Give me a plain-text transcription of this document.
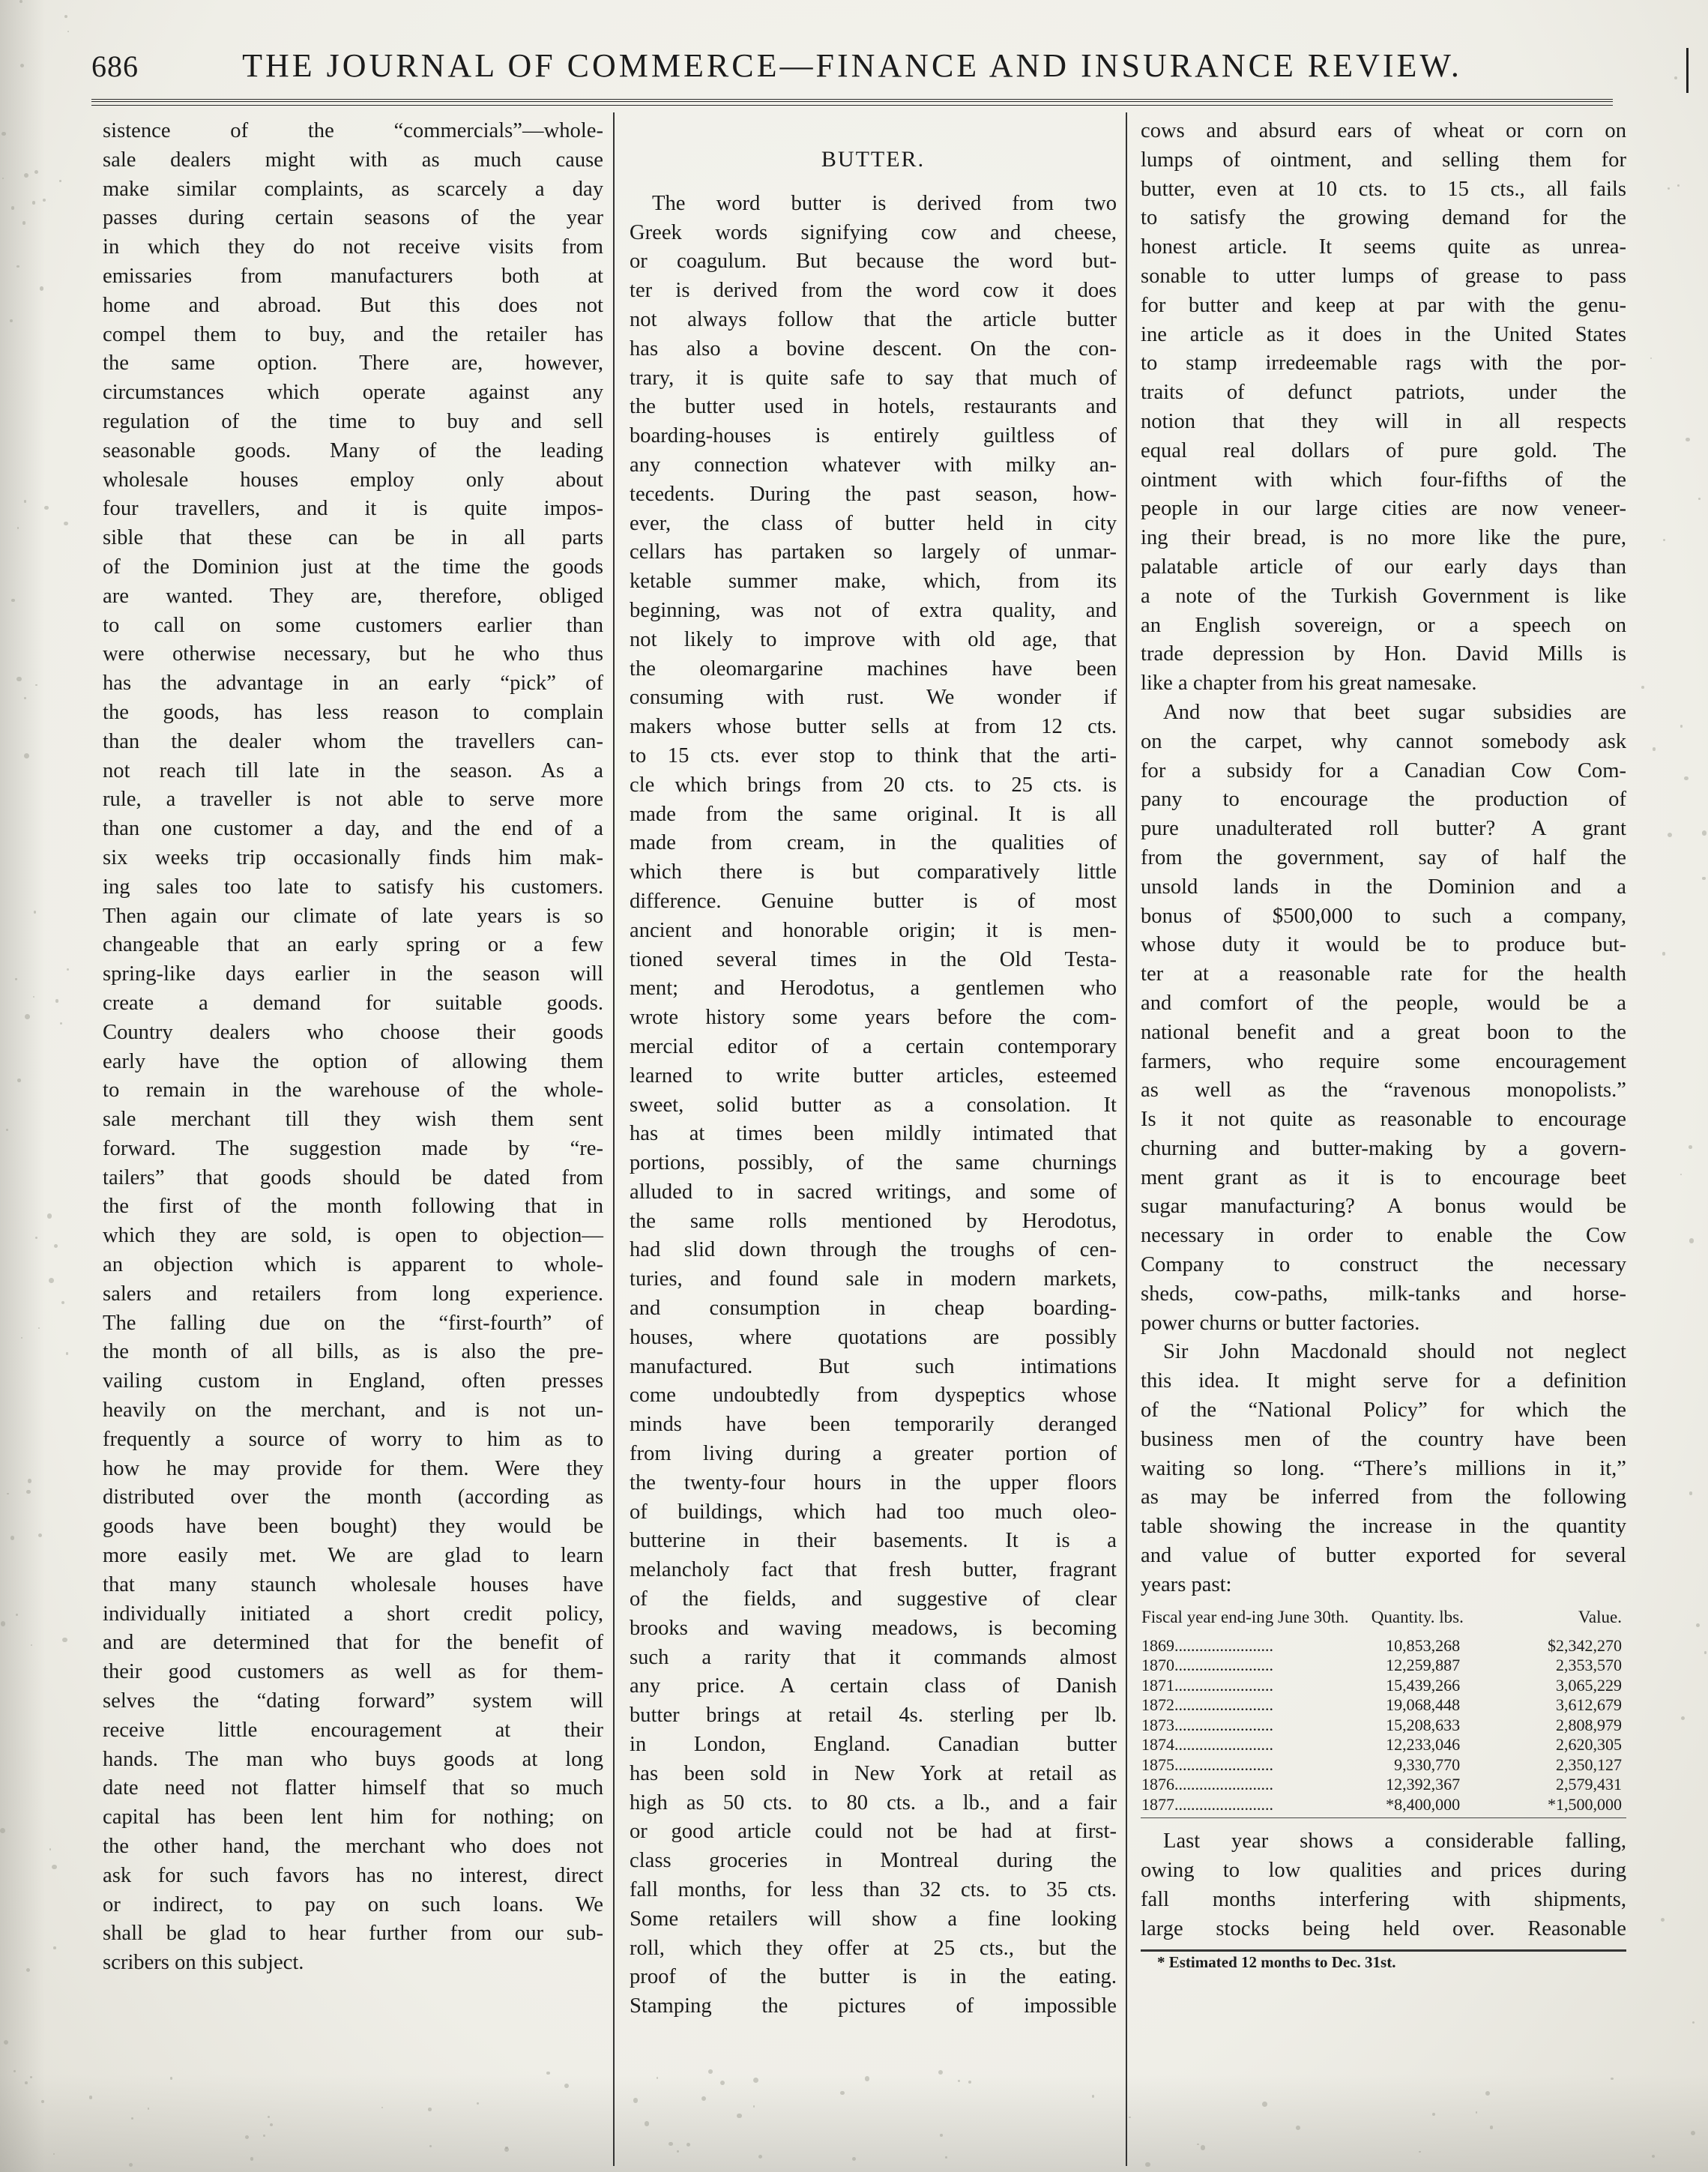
686	THE JOURNAL OF COMMERCE—FINANCE AND INSURANCE REVIEW.
sistence of the “commercials”—whole-
sale dealers might with as much cause
make similar complaints, as scarcely a day
passes during certain seasons of the year
in which they do not receive visits from
emissaries from manufacturers both at
home and abroad. But this does not
compel them to buy, and the retailer has
the same option. There are, however,
circumstances which operate against any
regulation of the time to buy and sell
seasonable goods. Many of the leading
wholesale houses employ only about
four travellers, and it is quite impos-
sible that these can be in all parts
of the Dominion just at the time the goods
are wanted. They are, therefore, obliged
to call on some customers earlier than
were otherwise necessary, but he who thus
has the advantage in an early “pick” of
the goods, has less reason to complain
than the dealer whom the travellers can-
not reach till late in the season. As a
rule, a traveller is not able to serve more
than one customer a day, and the end of a
six weeks trip occasionally finds him mak-
ing sales too late to satisfy his customers.
Then again our climate of late years is so
changeable that an early spring or a few
spring-like days earlier in the season will
create a demand for suitable goods.
Country dealers who choose their goods
early have the option of allowing them
to remain in the warehouse of the whole-
sale merchant till they wish them sent
forward. The suggestion made by “re-
tailers” that goods should be dated from
the first of the month following that in
which they are sold, is open to objection—
an objection which is apparent to whole-
salers and retailers from long experience.
The falling due on the “first-fourth” of
the month of all bills, as is also the pre-
vailing custom in England, often presses
heavily on the merchant, and is not un-
frequently a source of worry to him as to
how he may provide for them. Were they
distributed over the month (according as
goods have been bought) they would be
more easily met. We are glad to learn
that many staunch wholesale houses have
individually initiated a short credit policy,
and are determined that for the benefit of
their good customers as well as for them-
selves the “dating forward” system will
receive little encouragement at their
hands. The man who buys goods at long
date need not flatter himself that so much
capital has been lent him for nothing; on
the other hand, the merchant who does not
ask for such favors has no interest, direct
or indirect, to pay on such loans. We
shall be glad to hear further from our sub-
scribers on this subject.
BUTTER.
The word butter is derived from two
Greek words signifying cow and cheese,
or coagulum. But because the word but-
ter is derived from the word cow it does
not always follow that the article butter
has also a bovine descent. On the con-
trary, it is quite safe to say that much of
the butter used in hotels, restaurants and
boarding-houses is entirely guiltless of
any connection whatever with milky an-
tecedents. During the past season, how-
ever, the class of butter held in city
cellars has partaken so largely of unmar-
ketable summer make, which, from its
beginning, was not of extra quality, and
not likely to improve with old age, that
the oleomargarine machines have been
consuming with rust. We wonder if
makers whose butter sells at from 12 cts.
to 15 cts. ever stop to think that the arti-
cle which brings from 20 cts. to 25 cts. is
made from the same original. It is all
made from cream, in the qualities of
which there is but comparatively little
difference. Genuine butter is of most
ancient and honorable origin; it is men-
tioned several times in the Old Testa-
ment; and Herodotus, a gentlemen who
wrote history some years before the com-
mercial editor of a certain contemporary
learned to write butter articles, esteemed
sweet, solid butter as a consolation. It
has at times been mildly intimated that
portions, possibly, of the same churnings
alluded to in sacred writings, and some of
the same rolls mentioned by Herodotus,
had slid down through the troughs of cen-
turies, and found sale in modern markets,
and consumption in cheap boarding-
houses, where quotations are possibly
manufactured. But such intimations
come undoubtedly from dyspeptics whose
minds have been temporarily deranged
from living during a greater portion of
the twenty-four hours in the upper floors
of buildings, which had too much oleo-
butterine in their basements. It is a
melancholy fact that fresh butter, fragrant
of the fields, and suggestive of clear
brooks and waving meadows, is becoming
such a rarity that it commands almost
any price. A certain class of Danish
butter brings at retail 4s. sterling per lb.
in London, England. Canadian butter
has been sold in New York at retail as
high as 50 cts. to 80 cts. a lb., and a fair
or good article could not be had at first-
class groceries in Montreal during the
fall months, for less than 32 cts. to 35 cts.
Some retailers will show a fine looking
roll, which they offer at 25 cts., but the
proof of the butter is in the eating.
Stamping the pictures of impossible
cows and absurd ears of wheat or corn on
lumps of ointment, and selling them for
butter, even at 10 cts. to 15 cts., all fails
to satisfy the growing demand for the
honest article. It seems quite as unrea-
sonable to utter lumps of grease to pass
for butter and keep at par with the genu-
ine article as it does in the United States
to stamp irredeemable rags with the por-
traits of defunct patriots, under the
notion that they will in all respects
equal real dollars of pure gold. The
ointment with which four-fifths of the
people in our large cities are now veneer-
ing their bread, is no more like the pure,
palatable article of our early days than
a note of the Turkish Government is like
an English sovereign, or a speech on
trade depression by Hon. David Mills is
like a chapter from his great namesake.
And now that beet sugar subsidies are
on the carpet, why cannot somebody ask
for a subsidy for a Canadian Cow Com-
pany to encourage the production of
pure unadulterated roll butter? A grant
from the government, say of half the
unsold lands in the Dominion and a
bonus of $500,000 to such a company,
whose duty it would be to produce but-
ter at a reasonable rate for the health
and comfort of the people, would be a
national benefit and a great boon to the
farmers, who require some encouragement
as well as the “ravenous monopolists.”
Is it not quite as reasonable to encourage
churning and butter-making by a govern-
ment grant as it is to encourage beet
sugar manufacturing? A bonus would be
necessary in order to enable the Cow
Company to construct the necessary
sheds, cow-paths, milk-tanks and horse-
power churns or butter factories.
Sir John Macdonald should not neglect
this idea. It might serve for a definition
of the “National Policy” for which the
business men of the country have been
waiting so long. “There’s millions in it,”
as may be inferred from the following
table showing the increase in the quantity
and value of butter exported for several
years past:
Fiscal year end-ing June 30th.	Quantity. lbs.	Value.
1869........................	10,853,268	$2,342,270
1870........................	12,259,887	2,353,570
1871........................	15,439,266	3,065,229
1872........................	19,068,448	3,612,679
1873........................	15,208,633	2,808,979
1874........................	12,233,046	2,620,305
1875........................	9,330,770	2,350,127
1876........................	12,392,367	2,579,431
1877........................	*8,400,000	*1,500,000
Last year shows a considerable falling,
owing to low qualities and prices during
fall months interfering with shipments,
large stocks being held over. Reasonable
* Estimated 12 months to Dec. 31st.
